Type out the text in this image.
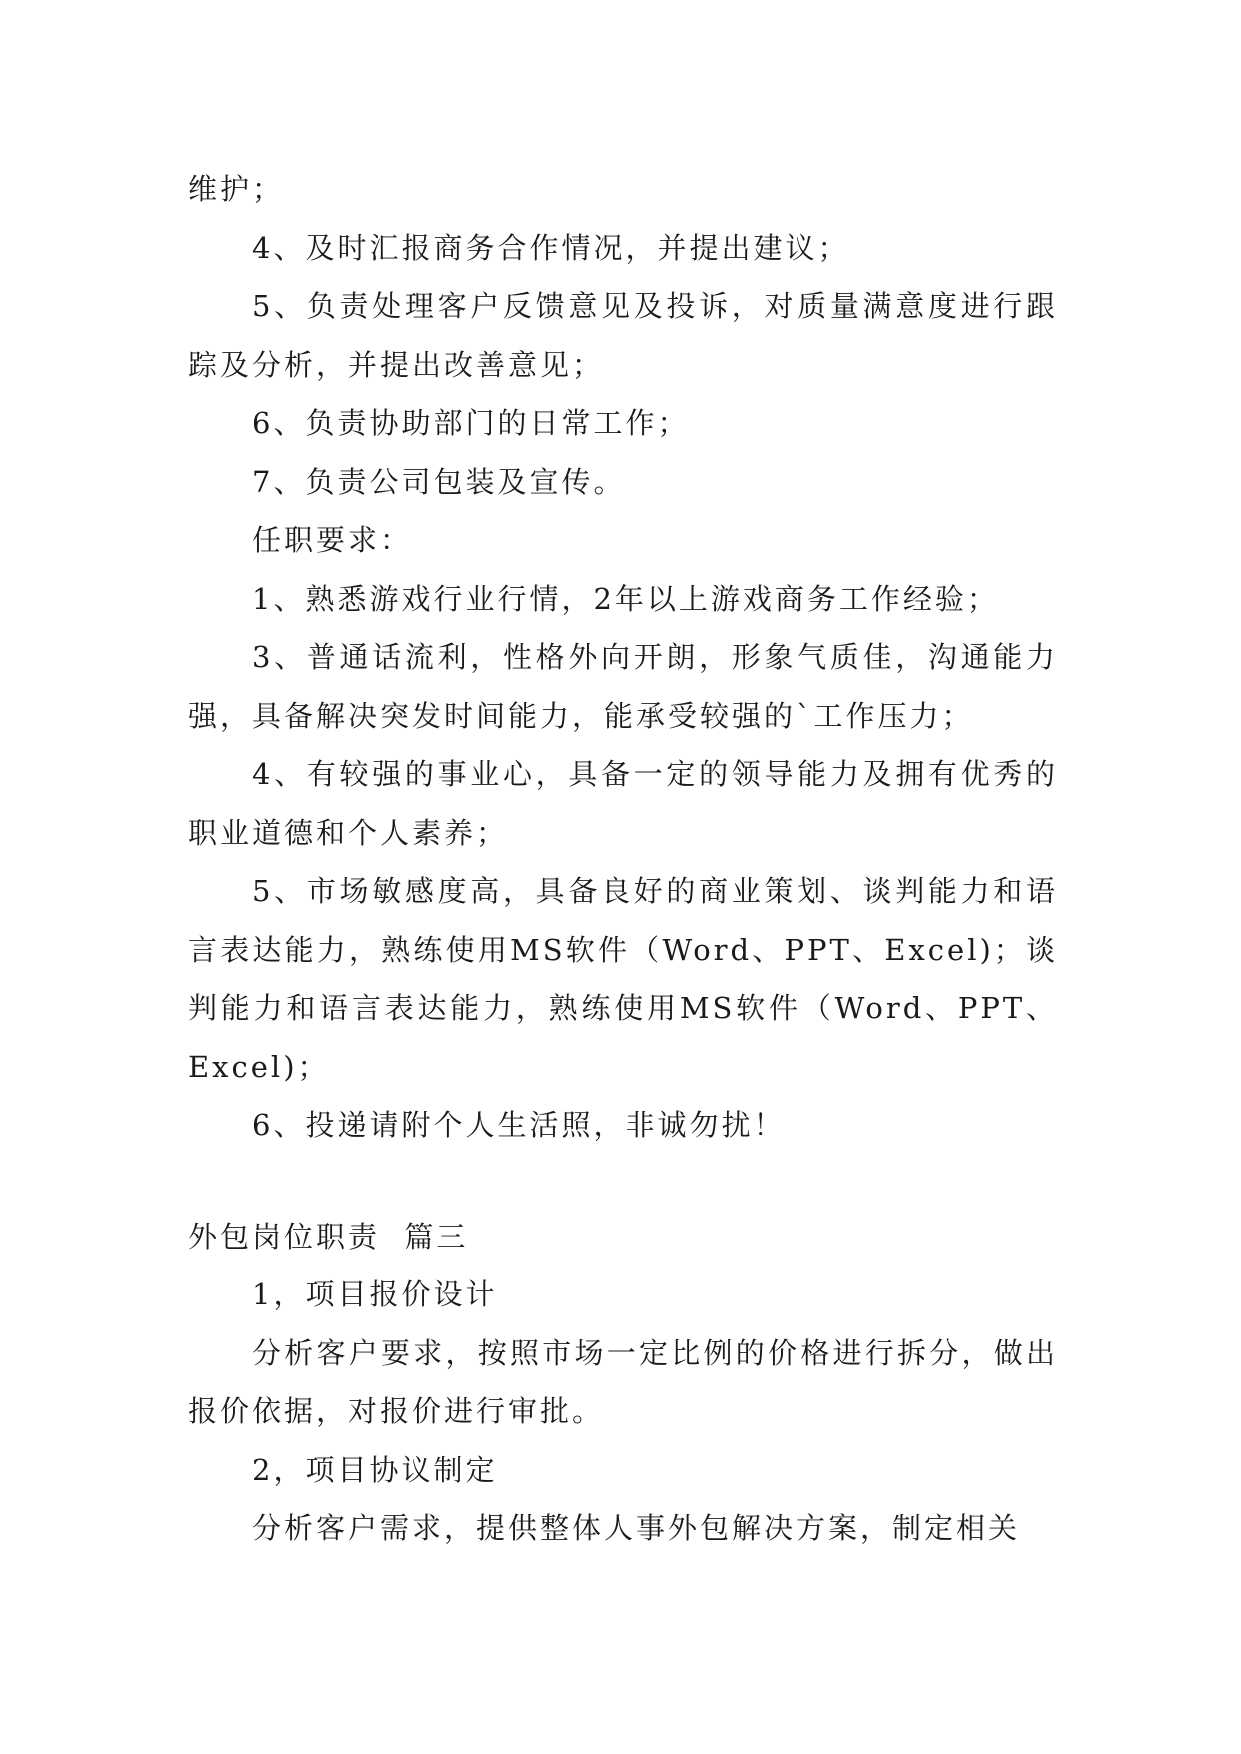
维护；

4、及时汇报商务合作情况，并提出建议；

5、负责处理客户反馈意见及投诉，对质量满意度进行跟踪及分析，并提出改善意见；

6、负责协助部门的日常工作；

7、负责公司包装及宣传。

任职要求：

1、熟悉游戏行业行情，2年以上游戏商务工作经验；

3、普通话流利，性格外向开朗，形象气质佳，沟通能力强，具备解决突发时间能力，能承受较强的`工作压力；

4、有较强的事业心，具备一定的领导能力及拥有优秀的职业道德和个人素养；

5、市场敏感度高，具备良好的商业策划、谈判能力和语言表达能力，熟练使用MS软件（Word、PPT、Excel)；谈判能力和语言表达能力，熟练使用MS软件（Word、PPT、Excel)；

6、投递请附个人生活照，非诚勿扰！

外包岗位职责  篇三

1，项目报价设计

分析客户要求，按照市场一定比例的价格进行拆分，做出报价依据，对报价进行审批。

2，项目协议制定

分析客户需求，提供整体人事外包解决方案，制定相关
